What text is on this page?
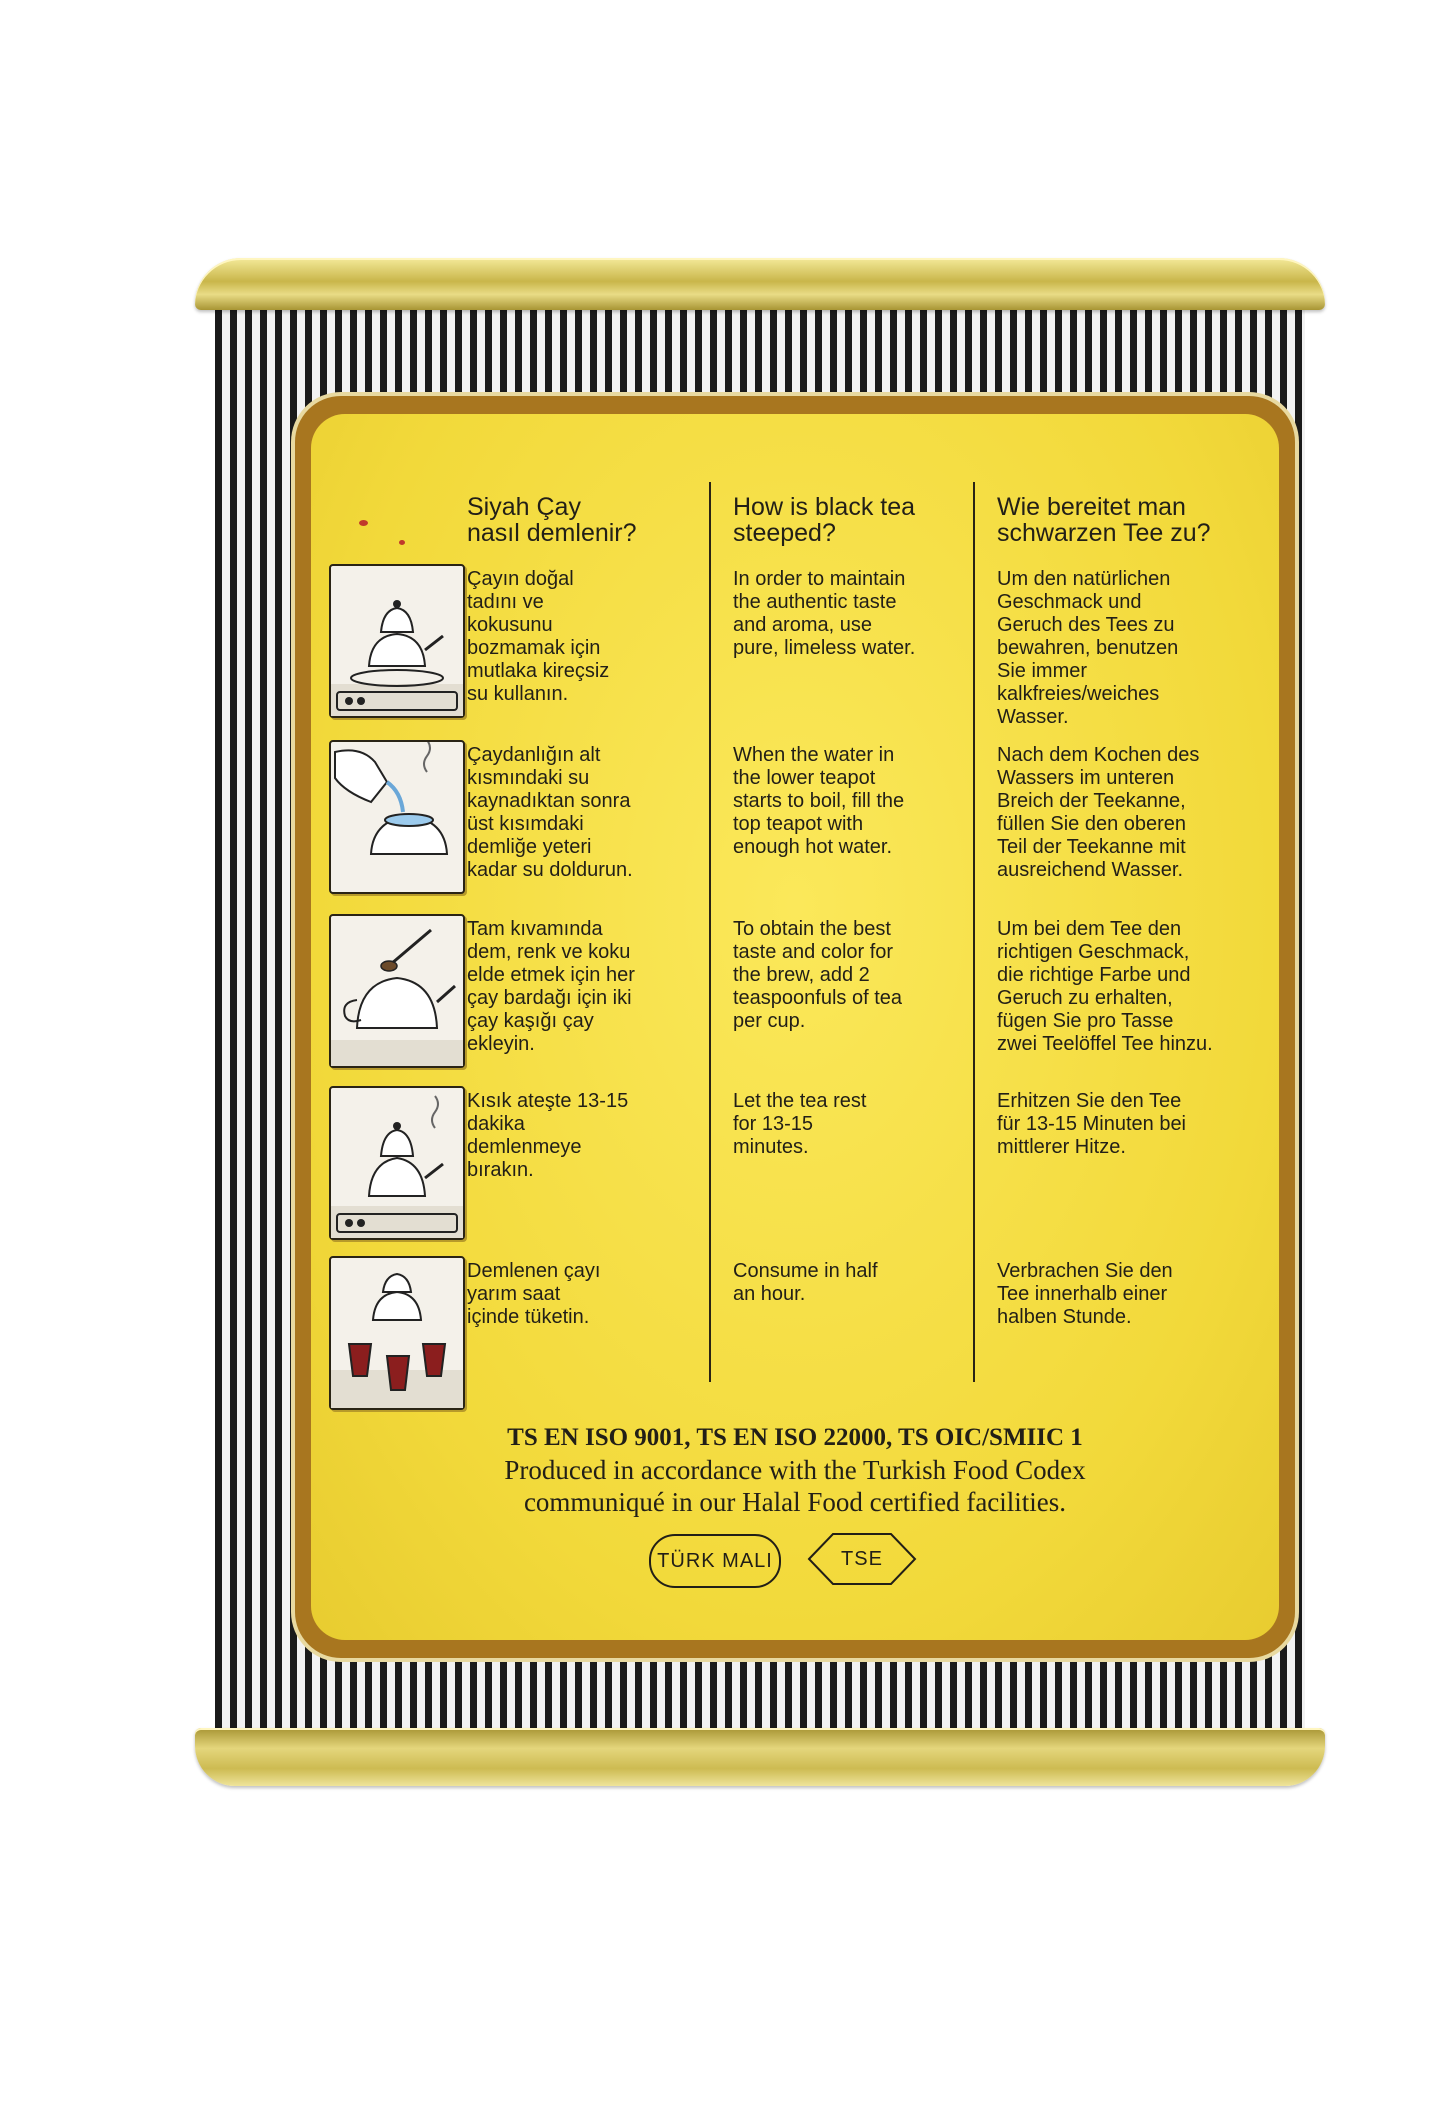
Siyah Çay
nasıl demlenir?
How is black tea
steeped?
Wie bereitet man
schwarzen Tee zu?
Çayın doğal
tadını ve
kokusunu
bozmamak için
mutlaka kireçsiz
su kullanın.
In order to maintain
the authentic taste
and aroma, use
pure, limeless water.
Um den natürlichen
Geschmack und
Geruch des Tees zu
bewahren, benutzen
Sie immer
kalkfreies/weiches
Wasser.
Çaydanlığın alt
kısmındaki su
kaynadıktan sonra
üst kısımdaki
demliğe yeteri
kadar su doldurun.
When the water in
the lower teapot
starts to boil, fill the
top teapot with
enough hot water.
Nach dem Kochen des
Wassers im unteren
Breich der Teekanne,
füllen Sie den oberen
Teil der Teekanne mit
ausreichend Wasser.
Tam kıvamında
dem, renk ve koku
elde etmek için her
çay bardağı için iki
çay kaşığı çay
ekleyin.
To obtain the best
taste and color for
the brew, add 2
teaspoonfuls of tea
per cup.
Um bei dem Tee den
richtigen Geschmack,
die richtige Farbe und
Geruch zu erhalten,
fügen Sie pro Tasse
zwei Teelöffel Tee hinzu.
Kısık ateşte 13-15
dakika
demlenmeye
bırakın.
Let the tea rest
for 13-15
minutes.
Erhitzen Sie den Tee
für 13-15 Minuten bei
mittlerer Hitze.
Demlenen çayı
yarım saat
içinde tüketin.
Consume in half
an hour.
Verbrachen Sie den
Tee innerhalb einer
halben Stunde.
TS EN ISO 9001, TS EN ISO 22000, TS OIC/SMIIC 1
Produced in accordance with the Turkish Food Codex
communiqué in our Halal Food certified facilities.
TÜRK MALI	TSE
